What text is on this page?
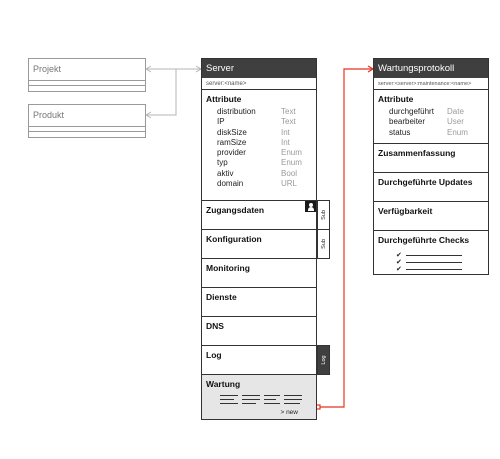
Projekt
Produkt
Server
server:<name>
Attribute
distribution	Text
IP	Text
diskSize	Int
ramSize	Int
provider	Enum
typ	Enum
aktiv	Bool
domain	URL
Zugangsdaten	Sub
Konfiguration	Sub
Monitoring
Dienste
DNS
Log	Log
Wartung
> new
Wartungsprotokoll
server:<server>:maintenance:<name>
Attribute
durchgeführt	Date
bearbeiter	User
status	Enum
Zusammenfassung
Durchgeführte Updates
Verfügbarkeit
Durchgeführte Checks
✔
✔
✔
